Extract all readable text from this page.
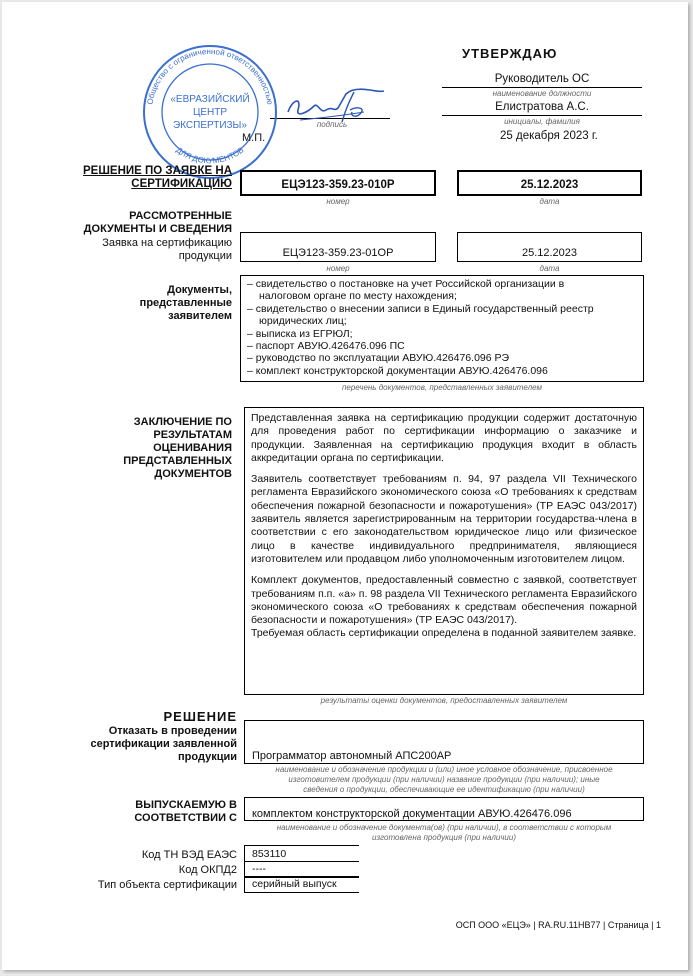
УТВЕРЖДАЮ
Руководитель ОС
наименование должности
Елистратова А.С.
инициалы, фамилия
25 декабря 2023 г.
подпись
Общество с ограниченной ответственностью
ДЛЯ ДОКУМЕНТОВ
«ЕВРАЗИЙСКИЙ
ЦЕНТР
ЭКСПЕРТИЗЫ»
М.П.
РЕШЕНИЕ ПО ЗАЯВКЕ НА
СЕРТИФИКАЦИЮ	ЕЦЭ123-359.23-010Р
номер
25.12.2023
дата
РАССМОТРЕННЫЕ
ДОКУМЕНТЫ И СВЕДЕНИЯ
Заявка на сертификацию
продукции	ЕЦЭ123-359.23-01ОР
номер
25.12.2023
дата
Документы,
представленные
заявителем
– свидетельство о постановке на учет Российской организации в
налоговом органе по месту нахождения;
– свидетельство о внесении записи в Единый государственный реестр
юридических лиц;
– выписка из ЕГРЮЛ;
– паспорт АВУЮ.426476.096 ПС
– руководство по эксплуатации АВУЮ.426476.096 РЭ
– комплект конструкторской документации АВУЮ.426476.096
перечень документов, представленных заявителем
ЗАКЛЮЧЕНИЕ ПО
РЕЗУЛЬТАТАМ
ОЦЕНИВАНИЯ
ПРЕДСТАВЛЕННЫХ
ДОКУМЕНТОВ

Представленная заявка на сертификацию продукции содержит достаточную для проведения работ по сертификации информацию о заказчике и продукции. Заявленная на сертификацию продукция входит в область аккредитации органа по сертификации.

Заявитель соответствует требованиям п. 94, 97 раздела VII Технического регламента Евразийского экономического союза «О требованиях к средствам обеспечения пожарной безопасности и пожаротушения» (ТР ЕАЭС 043/2017) заявитель является зарегистрированным на территории государства-члена в соответствии с его законодательством юридическое лицо или физическое лицо в качестве индивидуального предпринимателя, являющиеся изготовителем или продавцом либо уполномоченным изготовителем лицом.

Комплект документов, предоставленный совместно с заявкой, соответствует требованиям п.п. «а» п. 98 раздела VII Технического регламента Евразийского экономического союза «О требованиях к средствам обеспечения пожарной безопасности и пожаротушения» (ТР ЕАЭС 043/2017).

Требуемая область сертификации определена в поданной заявителем заявке.

результаты оценки документов, предоставленных заявителем
РЕШЕНИЕ
Отказать в проведении
сертификации заявленной
продукции Программатор автономный АПС200АР
наименование и обозначение продукции и (или) иное условное обозначение, присвоенное
изготовителем продукции (при наличии) название продукции (при наличии); иные
сведения о продукции, обеспечивающие ее идентификацию (при наличии)
ВЫПУСКАЕМУЮ В
СООТВЕТСТВИИ С комплектом конструкторской документации АВУЮ.426476.096
наименование и обозначение документа(ов) (при наличии), в соответствии с которым
изготовлена продукция (при наличии)
Код ТН ВЭД ЕАЭС 853110
Код ОКПД2 ----
Тип объекта сертификации серийный выпуск
ОСП ООО «ЕЦЭ» | RA.RU.11НВ77 | Страница | 1
